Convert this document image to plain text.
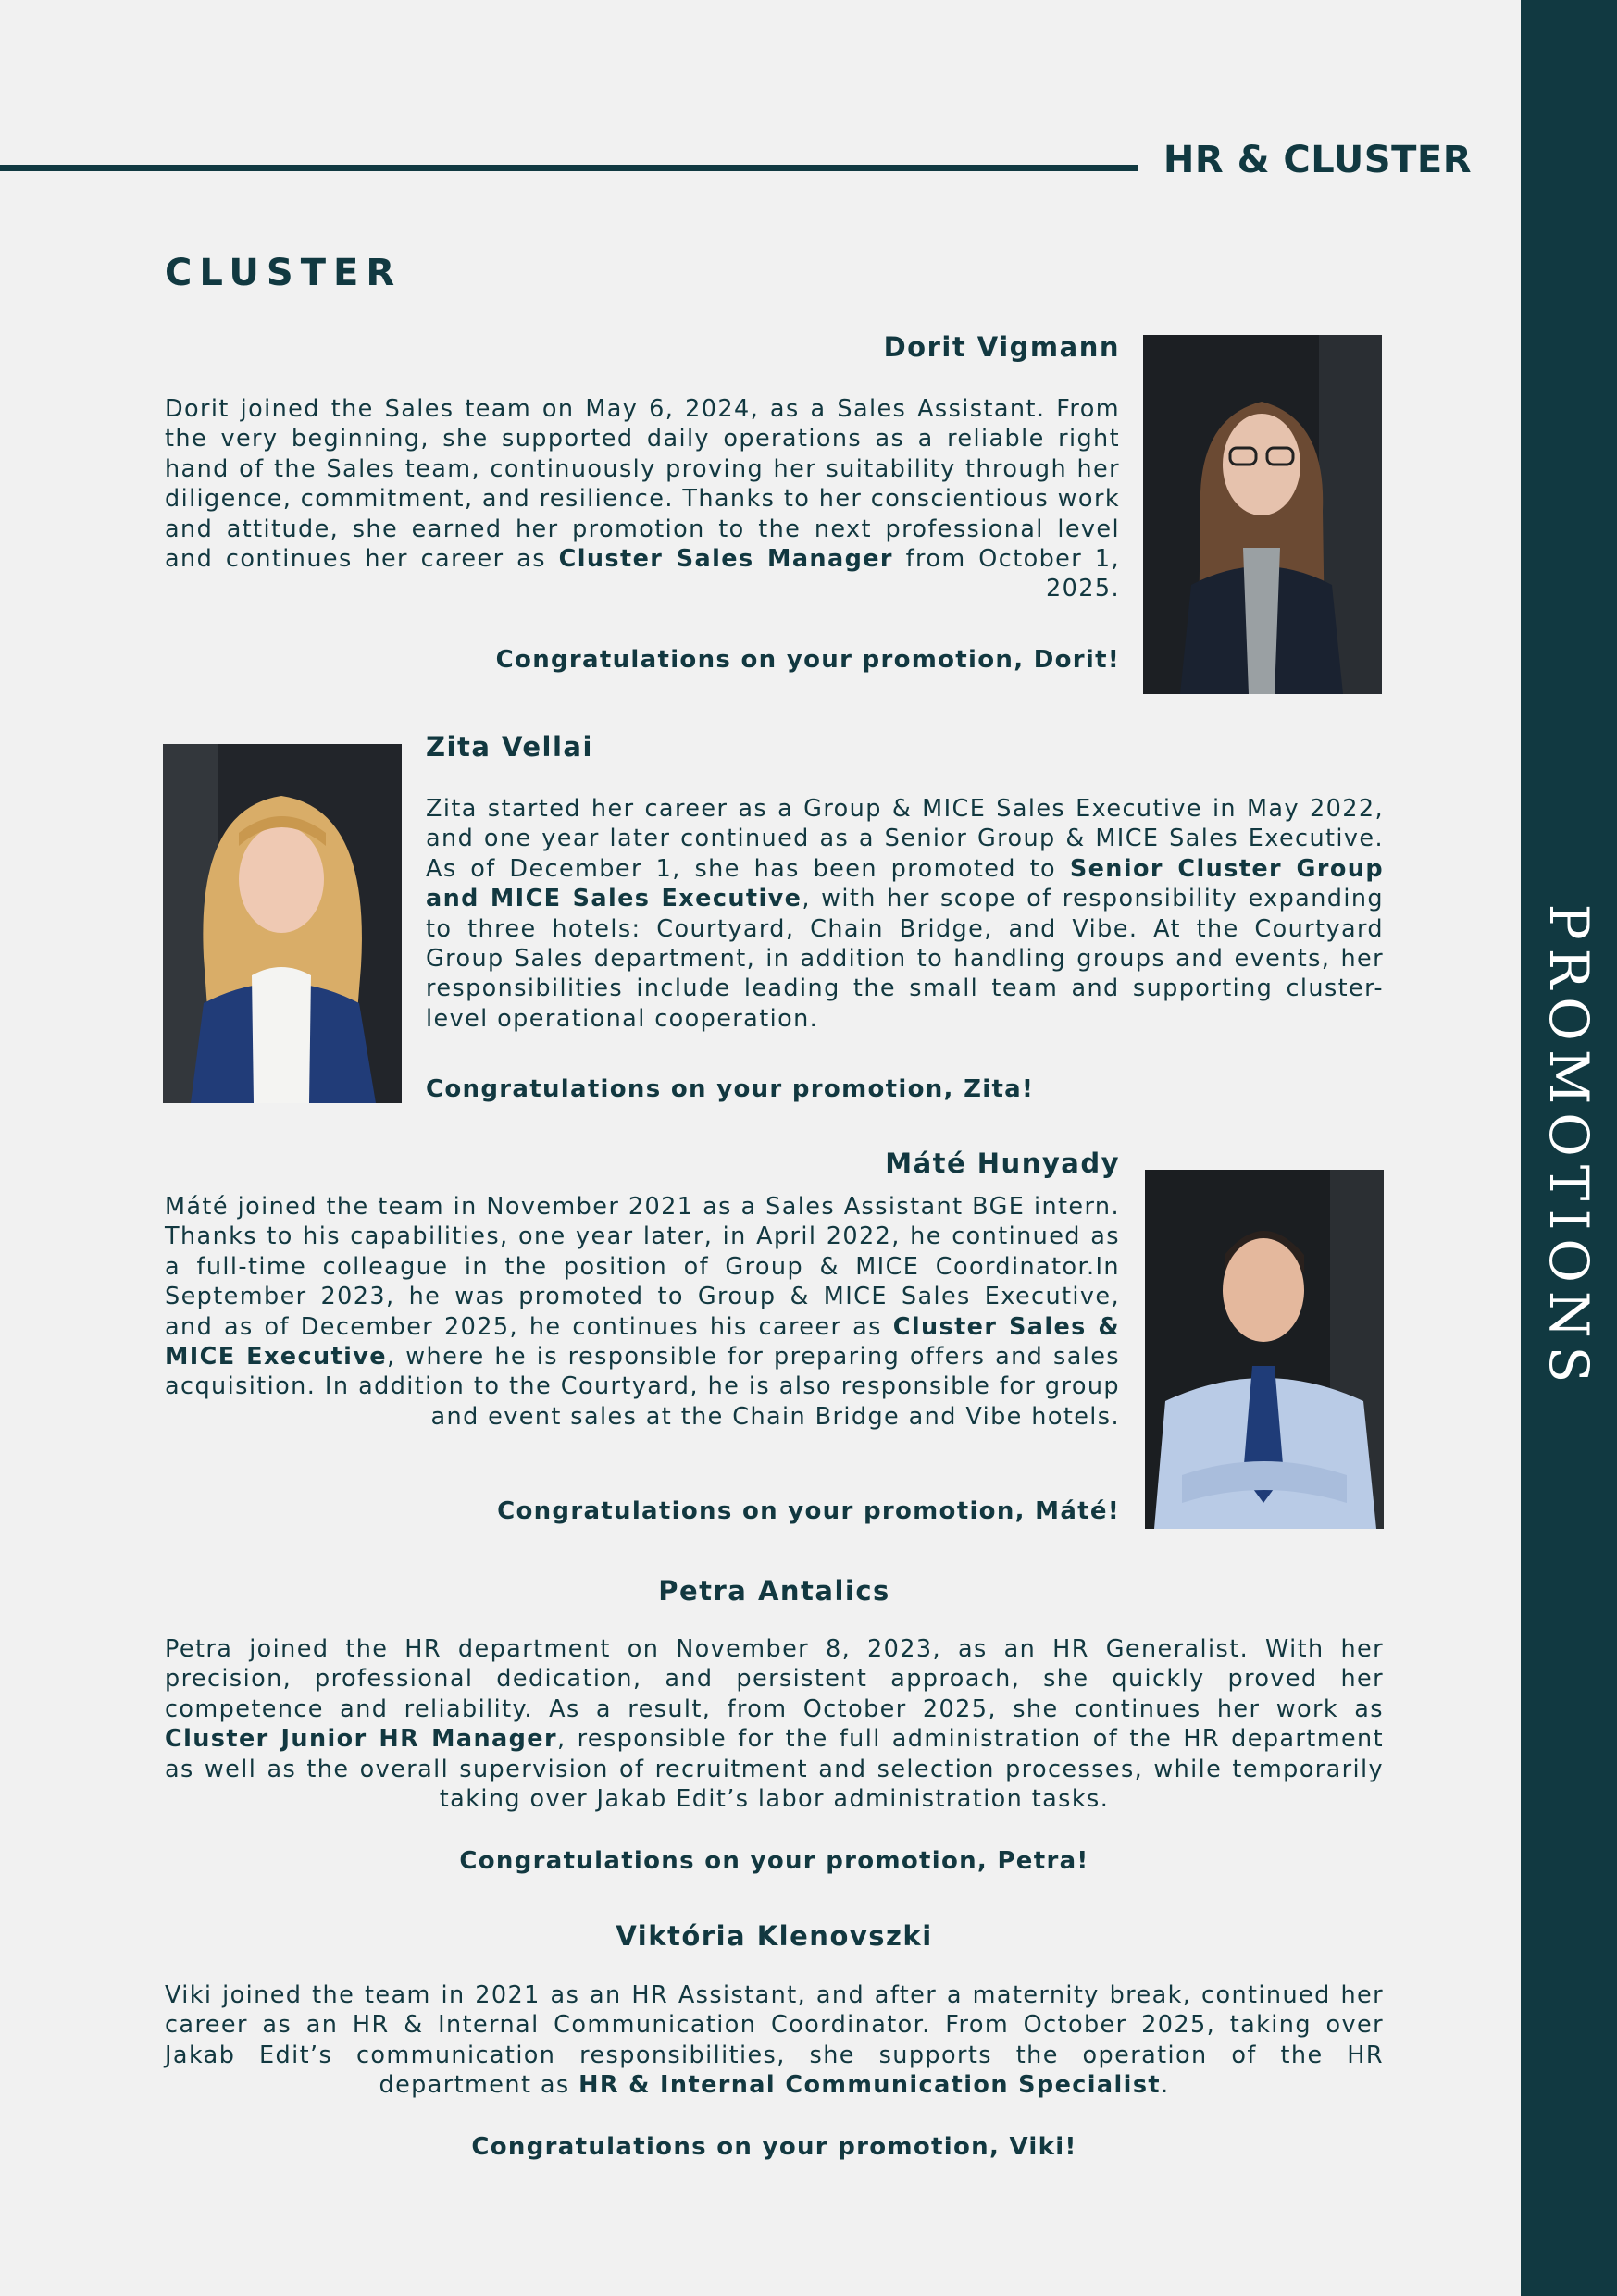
PROMOTIONS
HR & CLUSTER
CLUSTER
Dorit Vigmann
Dorit joined the Sales team on May 6, 2024, as a Sales Assistant. From the very beginning, she supported daily operations as a reliable right hand of the Sales team, continuously proving her suitability through her diligence, commitment, and resilience. Thanks to her conscientious work and attitude, she earned her promotion to the next professional level and continues her career as Cluster Sales Manager from October 1, 2025.
Congratulations on your promotion, Dorit!
Zita Vellai
Zita started her career as a Group & MICE Sales Executive in May 2022, and one year later continued as a Senior Group & MICE Sales Executive. As of December 1, she has been promoted to Senior Cluster Group and MICE Sales Executive, with her scope of responsibility expanding to three hotels: Courtyard, Chain Bridge, and Vibe. At the Courtyard Group Sales department, in addition to handling groups and events, her responsibilities include leading the small team and supporting cluster-level operational cooperation.
Congratulations on your promotion, Zita!
Máté Hunyady
Máté joined the team in November 2021 as a Sales Assistant BGE intern. Thanks to his capabilities, one year later, in April 2022, he continued as a full-time colleague in the position of Group & MICE Coordinator.In September 2023, he was promoted to Group & MICE Sales Executive, and as of December 2025, he continues his career as Cluster Sales & MICE Executive, where he is responsible for preparing offers and sales acquisition. In addition to the Courtyard, he is also responsible for group and event sales at the Chain Bridge and Vibe hotels.
Congratulations on your promotion, Máté!
Petra Antalics
Petra joined the HR department on November 8, 2023, as an HR Generalist. With her precision, professional dedication, and persistent approach, she quickly proved her competence and reliability. As a result, from October 2025, she continues her work as Cluster Junior HR Manager, responsible for the full administration of the HR department as well as the overall supervision of recruitment and selection processes, while temporarily taking over Jakab Edit’s labor administration tasks.
Congratulations on your promotion, Petra!
Viktória Klenovszki
Viki joined the team in 2021 as an HR Assistant, and after a maternity break, continued her career as an HR & Internal Communication Coordinator. From October 2025, taking over Jakab Edit’s communication responsibilities, she supports the operation of the HR department as HR & Internal Communication Specialist.
Congratulations on your promotion, Viki!
